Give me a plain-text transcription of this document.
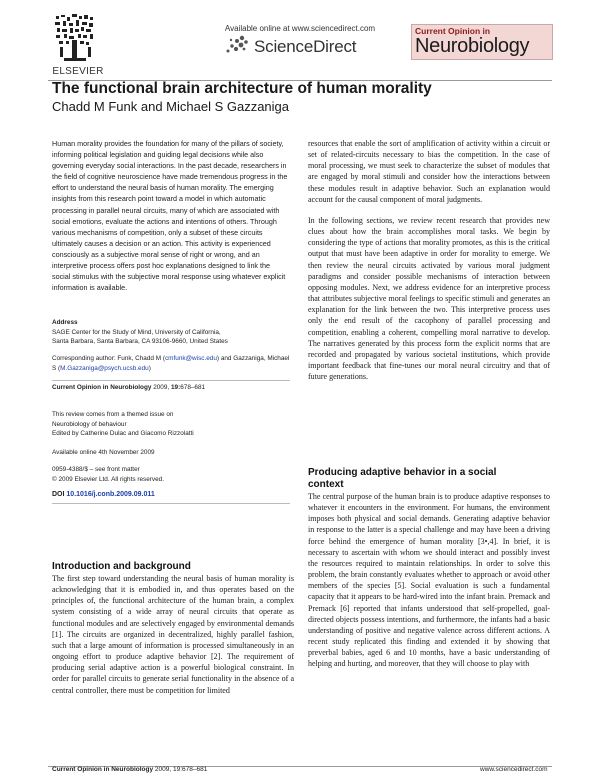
ELSEVIER
Available online at www.sciencedirect.com
ScienceDirect
Current Opinion in
Neurobiology
The functional brain architecture of human morality
Chadd M Funk and Michael S Gazzaniga
Human morality provides the foundation for many of the pillars of society, informing political legislation and guiding legal decisions while also governing everyday social interactions. In the past decade, researchers in the field of cognitive neuroscience have made tremendous progress in the effort to understand the neural basis of human morality. The emerging insights from this research point toward a model in which automatic processing in parallel neural circuits, many of which are associated with social emotions, evaluate the actions and intentions of others. Through various mechanisms of competition, only a subset of these circuits ultimately causes a decision or an action. This activity is experienced consciously as a subjective moral sense of right or wrong, and an interpretive process offers post hoc explanations designed to link the social stimulus with the subjective moral response using whatever explicit information is available.

Address

SAGE Center for the Study of Mind, University of California,

Santa Barbara, Santa Barbara, CA 93106-9660, United States

Corresponding author: Funk, Chadd M (cmfunk@wisc.edu) and Gazzaniga, Michael S (M.Gazzaniga@psych.ucsb.edu)

Current Opinion in Neurobiology 2009, 19:678–681

This review comes from a themed issue on

Neurobiology of behaviour

Edited by Catherine Dulac and Giacomo Rizzolatti

Available online 4th November 2009

0959-4388/$ – see front matter

© 2009 Elsevier Ltd. All rights reserved.

DOI 10.1016/j.conb.2009.09.011

Introduction and background

The first step toward understanding the neural basis of human morality is acknowledging that it is embodied in, and thus operates based on the principles of, the functional architecture of the human brain, a complex system consisting of a wide array of neural circuits that operate as functional modules and are selectively engaged by environmental demands [1]. The circuits are organized in decentralized, highly parallel fashion, such that a large amount of information is processed simultaneously in an ongoing effort to produce adaptive behavior [2]. The requirement of producing serial adaptive action is a powerful biological constraint. In order for parallel circuits to generate serial functionality in the absence of a central controller, there must be competition for limited

resources that enable the sort of amplification of activity within a circuit or set of related-circuits necessary to bias the competition. In the case of moral processing, we must seek to characterize the subset of modules that are engaged by moral stimuli and consider how the interactions between these modules result in adaptive behavior. Such an explanation would account for the causal component of moral judgments.

In the following sections, we review recent research that provides new clues about how the brain accomplishes moral tasks. We begin by considering the type of actions that morality promotes, as this is the critical output that must have been adaptive in order for morality to emerge. We then review the neural circuits activated by various moral judgment paradigms and consider possible mechanisms of interaction between opposing modules. Next, we address evidence for an interpretive process that attributes subjective moral feelings to specific stimuli and generates an explanation for the link between the two. This interpretive process uses only the end result of the cacophony of parallel processing and competition, enabling a coherent, compelling moral narrative to develop. The narratives generated by this process form the explicit norms that are recorded and propagated by various societal institutions, which provide important feedback that fine-tunes our moral neural circuitry and that of future generations.

Producing adaptive behavior in a social
context

The central purpose of the human brain is to produce adaptive responses to whatever it encounters in the environment. For humans, the environment imposes both physical and social demands. Generating adaptive behavior in response to the latter is a special challenge and may have been a driving force behind the emergence of human morality [3•,4]. In brief, it is necessary to ascertain with whom we should interact and possibly invest the resources required to maintain relationships. In order to solve this problem, the brain constantly evaluates whether to approach or avoid other members of the species [5]. Social evaluation is such a fundamental capacity that it appears to be hard-wired into the infant brain. Premack and Premack [6] reported that infants understood that self-propelled, goal-directed objects possess intentions, and furthermore, the infants had a basic understanding of positive and negative valence across different actions. A recent study replicated this finding and extended it by showing that preverbal babies, aged 6 and 10 months, have a basic understanding of helping and hurting, and moreover, that they will choose to play with

Current Opinion in Neurobiology 2009, 19:678–681	www.sciencedirect.com
